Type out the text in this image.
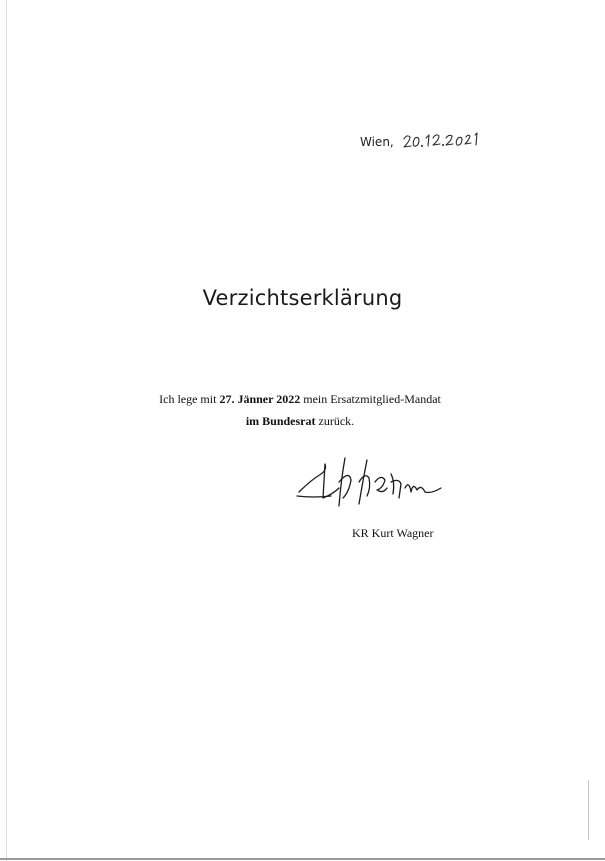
Wien,
Verzichtserklärung
Ich lege mit 27. Jänner 2022 mein Ersatzmitglied-Mandat
im Bundesrat zurück.
KR Kurt Wagner
